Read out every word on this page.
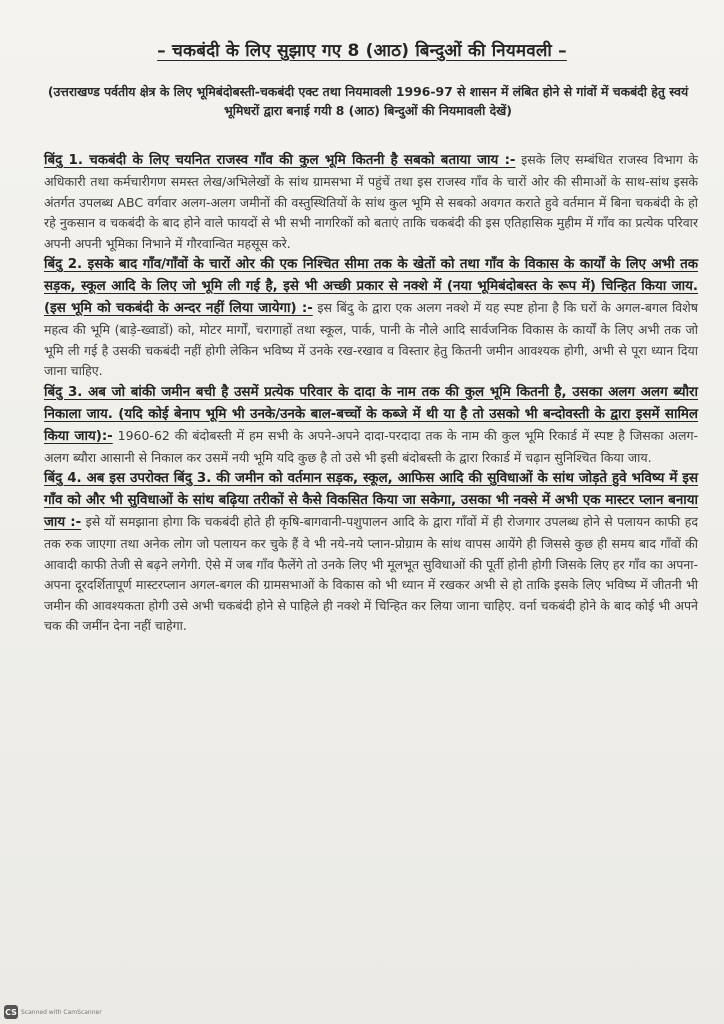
– चकबंदी के लिए सुझाए गए 8 (आठ) बिन्दुओं की नियमवली –
(उत्तराखण्ड पर्वतीय क्षेत्र के लिए भूमिबंदोबस्ती-चकबंदी एक्ट तथा नियमावली 1996-97 से शासन में लंबित होने से गांवों में चकबंदी हेतु स्वयं भूमिधरों द्वारा बनाई गयी 8 (आठ) बिन्दुओं की नियमावली देखें)
बिंदु 1. चकबंदी के लिए चयनित राजस्व गाँव की कुल भूमि कितनी है सबको बताया जाय :- इसके लिए सम्बंधित राजस्व विभाग के अधिकारी तथा कर्मचारीगण समस्त लेख/अभिलेखों के सांथ ग्रामसभा में पहुंचें तथा इस राजस्व गाँव के चारों ओर की सीमाओं के साथ-सांथ इसके अंतर्गत उपलब्ध ABC वर्गवार अलग-अलग जमीनों की वस्तुस्थितियों के सांथ कुल भूमि से सबको अवगत कराते हुवे वर्तमान में बिना चकबंदी के हो रहे नुकसान व चकबंदी के बाद होने वाले फायदों से भी सभी नागरिकों को बताएं ताकि चकबंदी की इस एतिहासिक मुहीम में गाँव का प्रत्येक परिवार अपनी अपनी भूमिका निभाने में गौरवान्वित महसूस करे.
बिंदु 2. इसके बाद गाँव/गाँवों के चारों ओर की एक निश्चित सीमा तक के खेतों को तथा गाँव के विकास के कार्यों के लिए अभी तक सड़क, स्कूल आदि के लिए जो भूमि ली गई है, इसे भी अच्छी प्रकार से नक्शे में (नया भूमिबंदोबस्त के रूप में) चिन्हित किया जाय. (इस भूमि को चकबंदी के अन्दर नहीं लिया जायेगा) :- इस बिंदु के द्वारा एक अलग नक्शे में यह स्पष्ट होना है कि घरों के अगल-बगल विशेष महत्व की भूमि (बाड़े-ख्वाडों) को, मोटर मार्गों, चरागाहों तथा स्कूल, पार्क, पानी के नौले आदि सार्वजनिक विकास के कार्यों के लिए अभी तक जो भूमि ली गई है उसकी चकबंदी नहीं होगी लेकिन भविष्य में उनके रख-रखाव व विस्तार हेतु कितनी जमीन आवश्यक होगी, अभी से पूरा ध्यान दिया जाना चाहिए.
बिंदु 3. अब जो बांकी जमीन बची है उसमें प्रत्येक परिवार के दादा के नाम तक की कुल भूमि कितनी है, उसका अलग अलग ब्यौरा निकाला जाय. (यदि कोई बेनाप भूमि भी उनके/उनके बाल-बच्चों के कब्जे में थी या है तो उसको भी बन्दोवस्ती के द्वारा इसमें सामिल किया जाय):- 1960-62 की बंदोबस्ती में हम सभी के अपने-अपने दादा-परदादा तक के नाम की कुल भूमि रिकार्ड में स्पष्ट है जिसका अलग-अलग ब्यौरा आसानी से निकाल कर उसमें नयी भूमि यदि कुछ है तो उसे भी इसी बंदोबस्ती के द्वारा रिकार्ड में चढ़ान सुनिश्चित किया जाय.
बिंदु 4. अब इस उपरोक्त बिंदु 3. की जमीन को वर्तमान सड़क, स्कूल, आफिस आदि की सुविधाओं के सांथ जोड़ते हुवे भविष्य में इस गाँव को और भी सुविधाओं के सांथ बढ़िया तरीकों से कैसे विकसित किया जा सकेगा, उसका भी नक्से में अभी एक मास्टर प्लान बनाया जाय :- इसे यों समझाना होगा कि चकबंदी होते ही कृषि-बागवानी-पशुपालन आदि के द्वारा गाँवों में ही रोजगार उपलब्ध होने से पलायन काफी हद तक रुक जाएगा तथा अनेक लोग जो पलायन कर चुके हैं वे भी नये-नये प्लान-प्रोग्राम के सांथ वापस आयेंगे ही जिससे कुछ ही समय बाद गाँवों की आवादी काफी तेजी से बढ़ने लगेगी. ऐसे में जब गाँव फैलेंगे तो उनके लिए भी मूलभूत सुविधाओं की पूर्ती होनी होगी जिसके लिए हर गाँव का अपना-अपना दूरदर्शितापूर्ण मास्टरप्लान अगल-बगल की ग्रामसभाओं के विकास को भी ध्यान में रखकर अभी से हो ताकि इसके लिए भविष्य में जीतनी भी जमीन की आवश्यकता होगी उसे अभी चकबंदी होने से पाहिले ही नक्शे में चिन्हित कर लिया जाना चाहिए. वर्ना चकबंदी होने के बाद कोई भी अपने चक की जमींन देना नहीं चाहेगा.
CS Scanned with CamScanner
